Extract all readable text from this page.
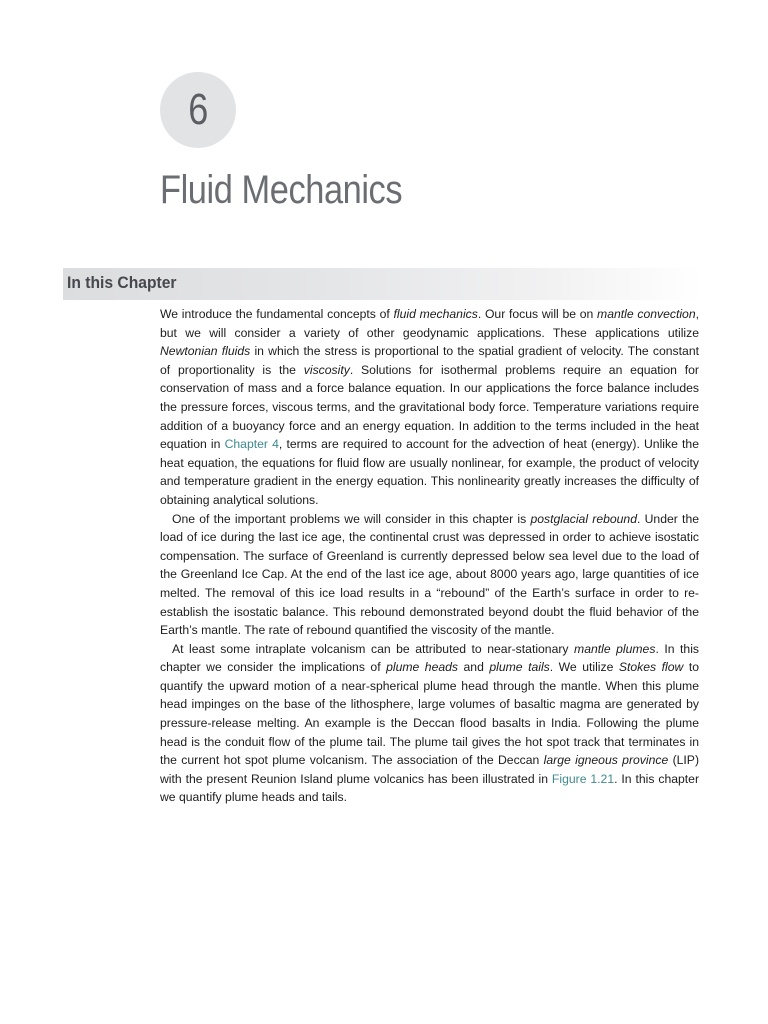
6
Fluid Mechanics
In this Chapter

We introduce the fundamental concepts of fluid mechanics. Our focus will be on mantle convection, but we will consider a variety of other geodynamic applications. These applications utilize Newtonian fluids in which the stress is proportional to the spatial gradient of velocity. The constant of proportionality is the viscosity. Solutions for isothermal problems require an equation for conservation of mass and a force balance equation. In our applications the force balance includes the pressure forces, viscous terms, and the gravitational body force. Temperature variations require addition of a buoyancy force and an energy equation. In addition to the terms included in the heat equation in Chapter 4, terms are required to account for the advection of heat (energy). Unlike the heat equation, the equations for fluid flow are usually nonlinear, for example, the product of velocity and temperature gradient in the energy equation. This nonlinearity greatly increases the difficulty of obtaining analytical solutions.

One of the important problems we will consider in this chapter is postglacial rebound. Under the load of ice during the last ice age, the continental crust was depressed in order to achieve isostatic compensation. The surface of Greenland is currently depressed below sea level due to the load of the Greenland Ice Cap. At the end of the last ice age, about 8000 years ago, large quantities of ice melted. The removal of this ice load results in a “rebound” of the Earth’s surface in order to re-establish the isostatic balance. This rebound demonstrated beyond doubt the fluid behavior of the Earth’s mantle. The rate of rebound quantified the viscosity of the mantle.

At least some intraplate volcanism can be attributed to near-stationary mantle plumes. In this chapter we consider the implications of plume heads and plume tails. We utilize Stokes flow to quantify the upward motion of a near-spherical plume head through the mantle. When this plume head impinges on the base of the lithosphere, large volumes of basaltic magma are generated by pressure-release melting. An example is the Deccan flood basalts in India. Following the plume head is the conduit flow of the plume tail. The plume tail gives the hot spot track that terminates in the current hot spot plume volcanism. The association of the Deccan large igneous province (LIP) with the present Reunion Island plume volcanics has been illustrated in Figure 1.21. In this chapter we quantify plume heads and tails.
